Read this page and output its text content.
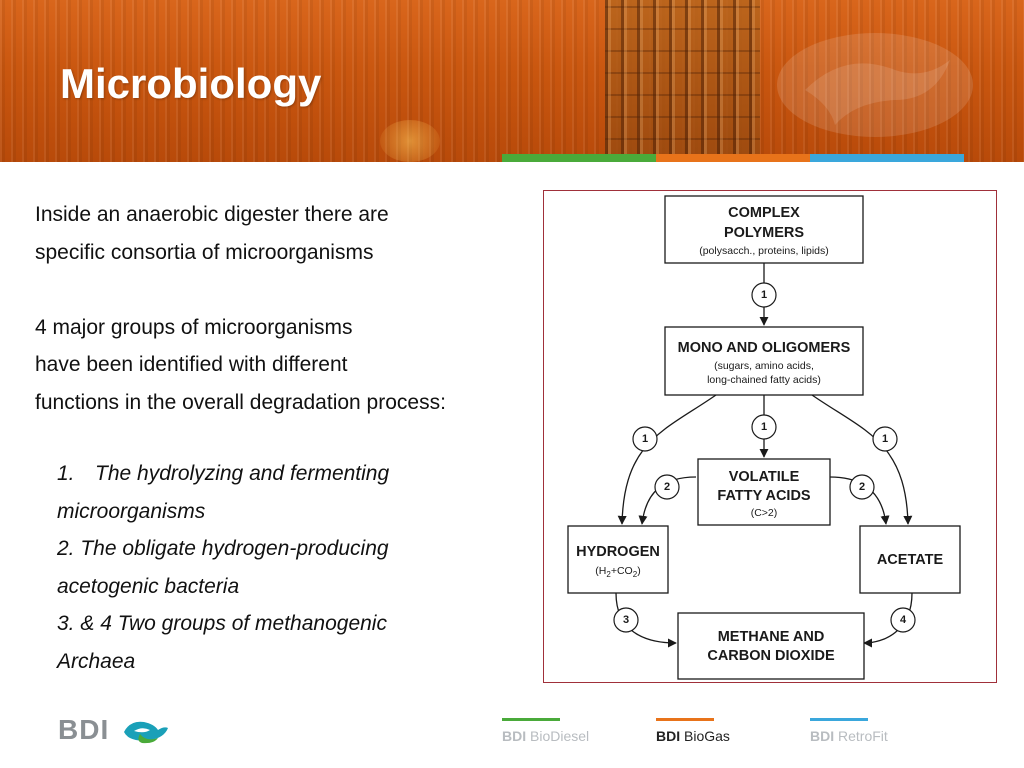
Microbiology

Inside an anaerobic digester there are

specific consortia of microorganisms

4 major groups of microorganisms

have been identified with different

functions in the overall degradation process:

1. The hydrolyzing and fermenting

microorganisms

2. The obligate hydrogen-producing

acetogenic bacteria

3. & 4 Two groups of methanogenic

Archaea

1
1
1
1
2	2
3	4
COMPLEX
POLYMERS
(polysacch., proteins, lipids)
MONO AND OLIGOMERS
(sugars, amino acids,
long-chained fatty acids)
VOLATILE
FATTY ACIDS
(C>2)
HYDROGEN
$(H_2+CO_2)$
ACETATE
METHANE AND
CARBON DIOXIDE
BDI	BDI BioDiesel	BDI BioGas	BDI RetroFit
